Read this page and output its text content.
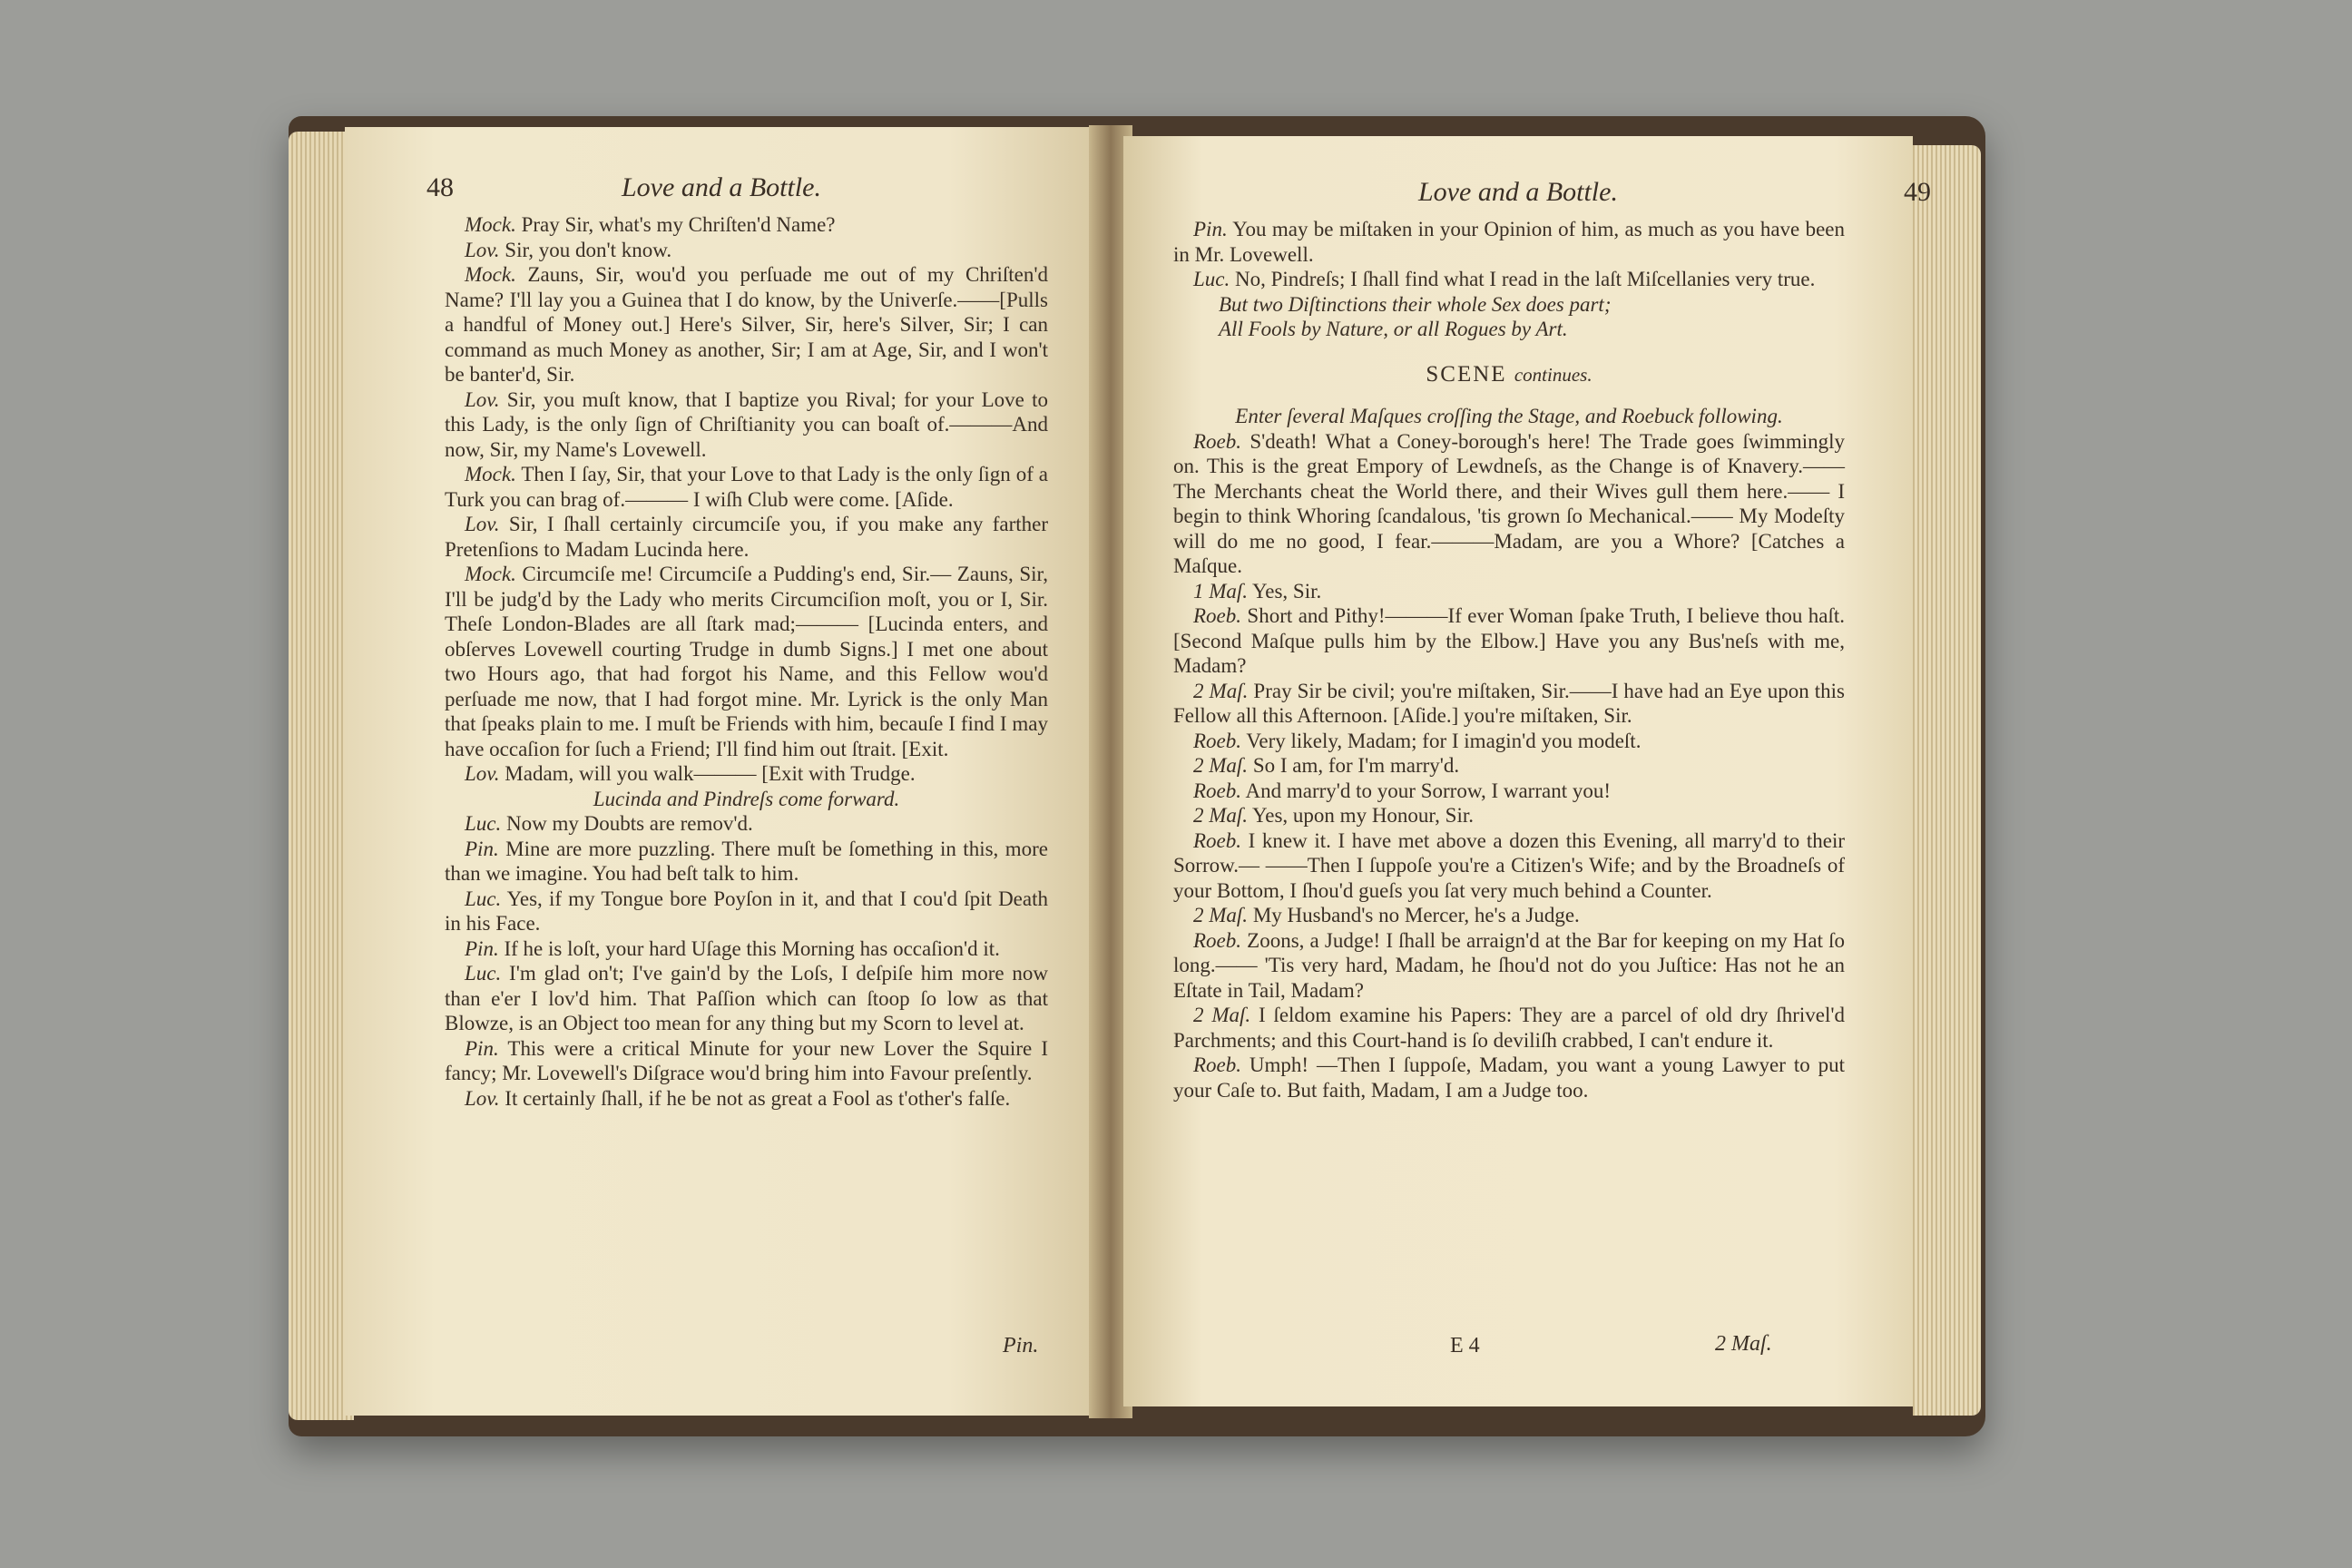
48	Love and a Bottle.

Mock. Pray Sir, what's my Chriſten'd Name?

Lov. Sir, you don't know.

Mock. Zauns, Sir, wou'd you perſuade me out of my Chriſten'd Name? I'll lay you a Guinea that I do know, by the Univerſe.——[Pulls a handful of Money out.] Here's Silver, Sir, here's Silver, Sir; I can command as much Money as another, Sir; I am at Age, Sir, and I won't be banter'd, Sir.

Lov. Sir, you muſt know, that I baptize you Rival; for your Love to this Lady, is the only ſign of Chriſtianity you can boaſt of.———And now, Sir, my Name's Lovewell.

Mock. Then I ſay, Sir, that your Love to that Lady is the only ſign of a Turk you can brag of.——— I wiſh Club were come. [Aſide.

Lov. Sir, I ſhall certainly circumciſe you, if you make any farther Pretenſions to Madam Lucinda here.

Mock. Circumciſe me! Circumciſe a Pudding's end, Sir.— Zauns, Sir, I'll be judg'd by the Lady who merits Circumciſion moſt, you or I, Sir. Theſe London-Blades are all ſtark mad;——— [Lucinda enters, and obſerves Lovewell courting Trudge in dumb Signs.] I met one about two Hours ago, that had forgot his Name, and this Fellow wou'd perſuade me now, that I had forgot mine. Mr. Lyrick is the only Man that ſpeaks plain to me. I muſt be Friends with him, becauſe I find I may have occaſion for ſuch a Friend; I'll find him out ſtrait. [Exit.

Lov. Madam, will you walk——— [Exit with Trudge.

Lucinda and Pindreſs come forward.

Luc. Now my Doubts are remov'd.

Pin. Mine are more puzzling. There muſt be ſomething in this, more than we imagine. You had beſt talk to him.

Luc. Yes, if my Tongue bore Poyſon in it, and that I cou'd ſpit Death in his Face.

Pin. If he is loſt, your hard Uſage this Morning has occaſion'd it.

Luc. I'm glad on't; I've gain'd by the Loſs, I deſpiſe him more now than e'er I lov'd him. That Paſſion which can ſtoop ſo low as that Blowze, is an Object too mean for any thing but my Scorn to level at.

Pin. This were a critical Minute for your new Lover the Squire I fancy; Mr. Lovewell's Diſgrace wou'd bring him into Favour preſently.

Lov. It certainly ſhall, if he be not as great a Fool as t'other's falſe.

Pin.
Love and a Bottle.	49

Pin. You may be miſtaken in your Opinion of him, as much as you have been in Mr. Lovewell.

Luc. No, Pindreſs; I ſhall find what I read in the laſt Miſcellanies very true.

But two Diſtinctions their whole Sex does part;

All Fools by Nature, or all Rogues by Art.

SCENE continues.

Enter ſeveral Maſques croſſing the Stage, and Roebuck following.

Roeb. S'death! What a Coney-borough's here! The Trade goes ſwimmingly on. This is the great Empory of Lewdneſs, as the Change is of Knavery.—— The Merchants cheat the World there, and their Wives gull them here.—— I begin to think Whoring ſcandalous, 'tis grown ſo Mechanical.—— My Modeſty will do me no good, I fear.———Madam, are you a Whore? [Catches a Maſque.

1 Maſ. Yes, Sir.

Roeb. Short and Pithy!———If ever Woman ſpake Truth, I believe thou haſt. [Second Maſque pulls him by the Elbow.] Have you any Bus'neſs with me, Madam?

2 Maſ. Pray Sir be civil; you're miſtaken, Sir.——I have had an Eye upon this Fellow all this Afternoon. [Aſide.] you're miſtaken, Sir.

Roeb. Very likely, Madam; for I imagin'd you modeſt.

2 Maſ. So I am, for I'm marry'd.

Roeb. And marry'd to your Sorrow, I warrant you!

2 Maſ. Yes, upon my Honour, Sir.

Roeb. I knew it. I have met above a dozen this Evening, all marry'd to their Sorrow.— ——Then I ſuppoſe you're a Citizen's Wife; and by the Broadneſs of your Bottom, I ſhou'd gueſs you ſat very much behind a Counter.

2 Maſ. My Husband's no Mercer, he's a Judge.

Roeb. Zoons, a Judge! I ſhall be arraign'd at the Bar for keeping on my Hat ſo long.—— 'Tis very hard, Madam, he ſhou'd not do you Juſtice: Has not he an Eſtate in Tail, Madam?

2 Maſ. I ſeldom examine his Papers: They are a parcel of old dry ſhrivel'd Parchments; and this Court-hand is ſo deviliſh crabbed, I can't endure it.

Roeb. Umph! —Then I ſuppoſe, Madam, you want a young Lawyer to put your Caſe to. But faith, Madam, I am a Judge too.

E 4	2 Maſ.
